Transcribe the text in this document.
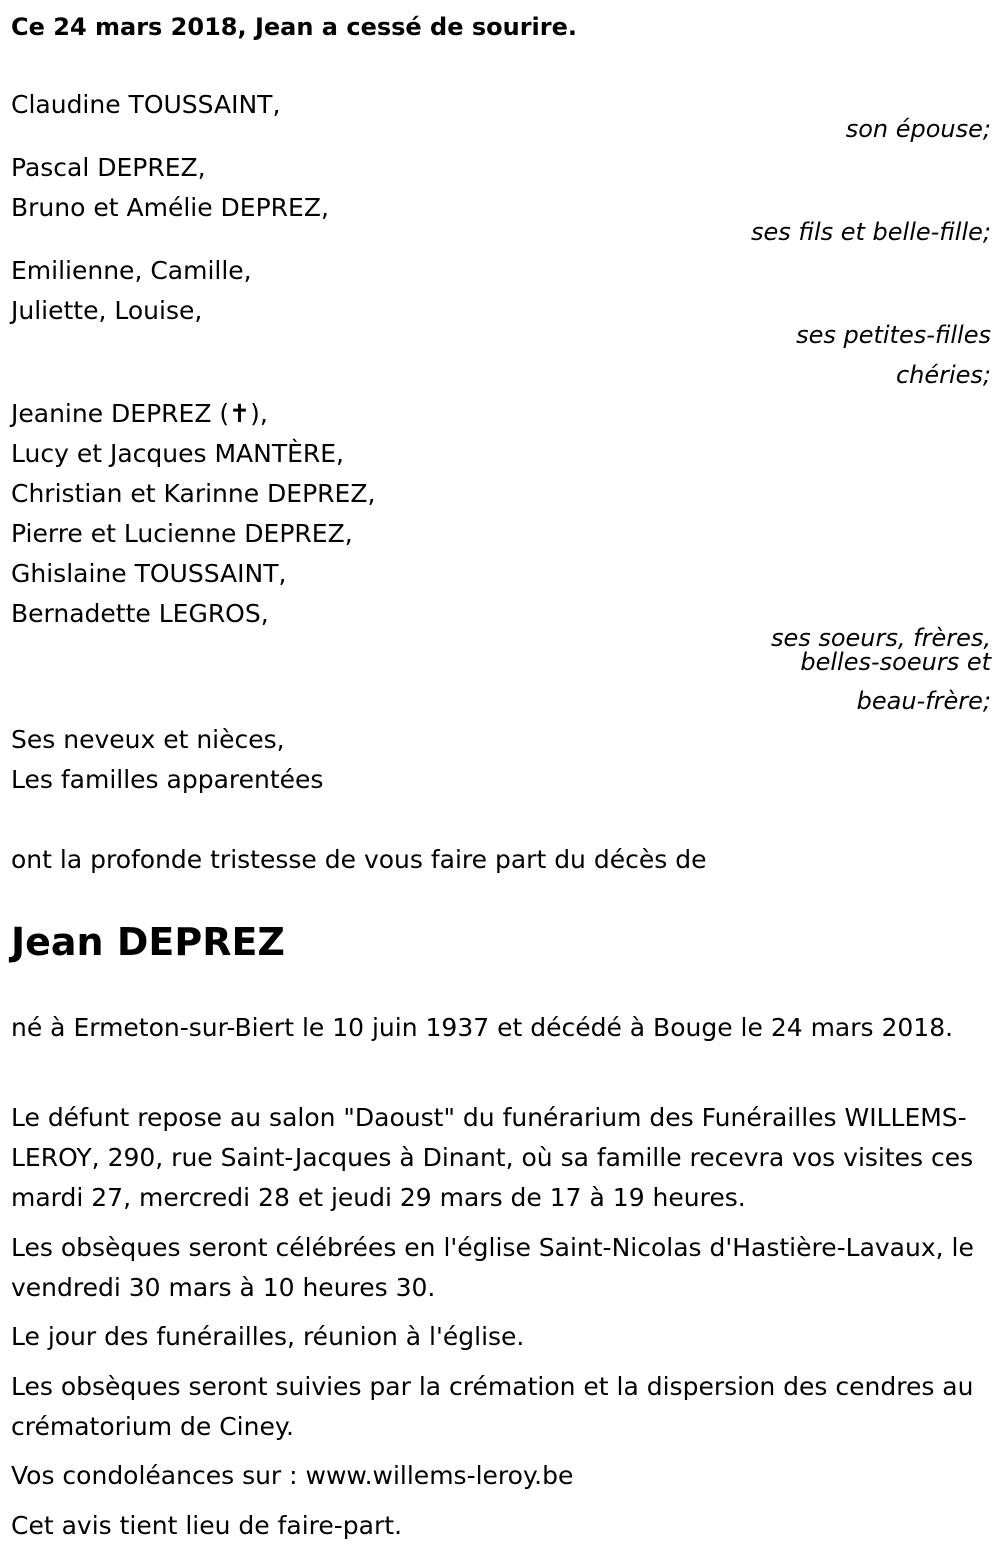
Ce 24 mars 2018, Jean a cessé de sourire.
Claudine TOUSSAINT,
son épouse;
Pascal DEPREZ,
Bruno et Amélie DEPREZ,
ses fils et belle-fille;
Emilienne, Camille,
Juliette, Louise,
ses petites-filles
chéries;
Jeanine DEPREZ (✝),
Lucy et Jacques MANTÈRE,
Christian et Karinne DEPREZ,
Pierre et Lucienne DEPREZ,
Ghislaine TOUSSAINT,
Bernadette LEGROS,
ses soeurs, frères,
belles-soeurs et
beau-frère;
Ses neveux et nièces,
Les familles apparentées
ont la profonde tristesse de vous faire part du décès de
Jean DEPREZ
né à Ermeton-sur-Biert le 10 juin 1937 et décédé à Bouge le 24 mars 2018.
Le défunt repose au salon "Daoust" du funérarium des Funérailles WILLEMS-LEROY, 290, rue Saint-Jacques à Dinant, où sa famille recevra vos visites ces mardi 27, mercredi 28 et jeudi 29 mars de 17 à 19 heures.
Les obsèques seront célébrées en l'église Saint-Nicolas d'Hastière-Lavaux, le vendredi 30 mars à 10 heures 30.
Le jour des funérailles, réunion à l'église.
Les obsèques seront suivies par la crémation et la dispersion des cendres au crématorium de Ciney.
Vos condoléances sur : www.willems-leroy.be
Cet avis tient lieu de faire-part.
